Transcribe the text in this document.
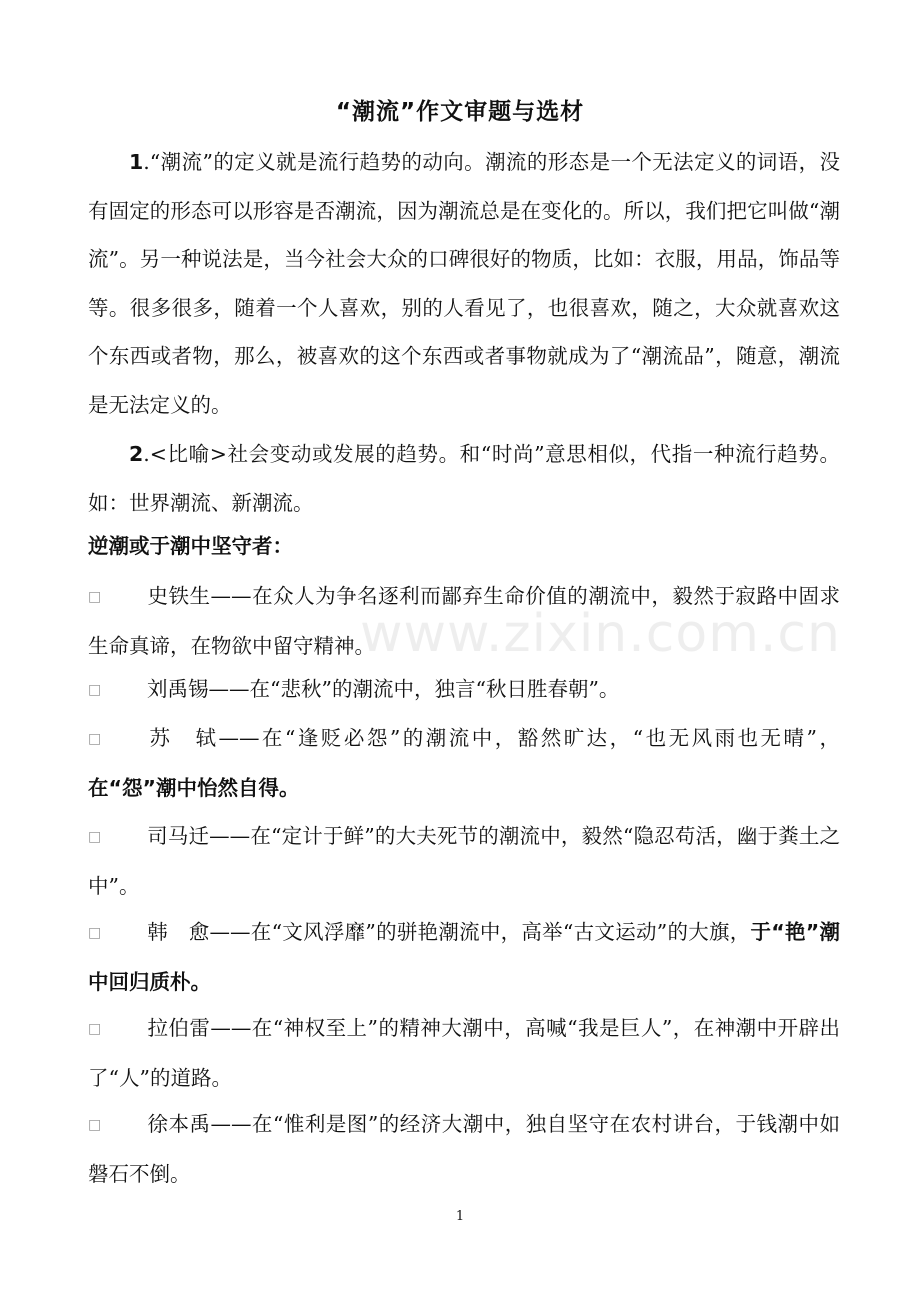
“潮流”作文审题与选材
1.“潮流”的定义就是流行趋势的动向。潮流的形态是一个无法定义的词语，没有固定的形态可以形容是否潮流，因为潮流总是在变化的。所以，我们把它叫做“潮流”。另一种说法是，当今社会大众的口碑很好的物质，比如：衣服，用品，饰品等等。很多很多，随着一个人喜欢，别的人看见了，也很喜欢，随之，大众就喜欢这个东西或者物，那么，被喜欢的这个东西或者事物就成为了“潮流品”，随意，潮流是无法定义的。
2.<比喻>社会变动或发展的趋势。和“时尚”意思相似，代指一种流行趋势。如：世界潮流、新潮流。
逆潮或于潮中坚守者：
□ 史铁生——在众人为争名逐利而鄙弃生命价值的潮流中，毅然于寂路中固求生命真谛，在物欲中留守精神。
□ 刘禹锡——在“悲秋”的潮流中，独言“秋日胜春朝”。
□ 苏　轼——在“逢贬必怨”的潮流中，豁然旷达，“也无风雨也无晴”，在“怨”潮中怡然自得。
□ 司马迁——在“定计于鲜”的大夫死节的潮流中，毅然“隐忍苟活，幽于粪土之中”。
□ 韩　愈——在“文风浮靡”的骈艳潮流中，高举“古文运动”的大旗，于“艳”潮中回归质朴。
□ 拉伯雷——在“神权至上”的精神大潮中，高喊“我是巨人”，在神潮中开辟出了“人”的道路。
□ 徐本禹——在“惟利是图”的经济大潮中，独自坚守在农村讲台，于钱潮中如磐石不倒。
www.zixin.com.cn
1
